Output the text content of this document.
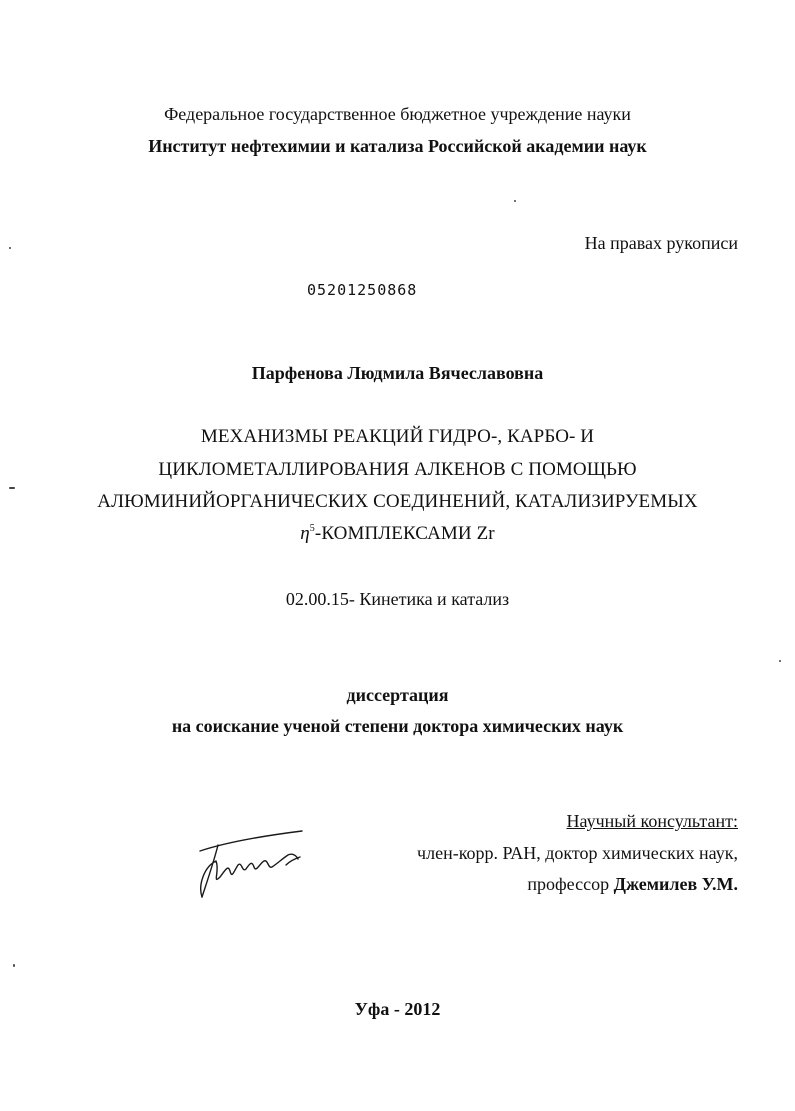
Федеральное государственное бюджетное учреждение науки
Институт нефтехимии и катализа Российской академии наук
На правах рукописи
05201250868
Парфенова Людмила Вячеславовна
МЕХАНИЗМЫ РЕАКЦИЙ ГИДРО-, КАРБО- И
ЦИКЛОМЕТАЛЛИРОВАНИЯ АЛКЕНОВ С ПОМОЩЬЮ
АЛЮМИНИЙОРГАНИЧЕСКИХ СОЕДИНЕНИЙ, КАТАЛИЗИРУЕМЫХ
$\eta^5$-КОМПЛЕКСАМИ Zr
02.00.15- Кинетика и катализ
диссертация
на соискание ученой степени доктора химических наук
Научный консультант:
член-корр. РАН, доктор химических наук,
профессор Джемилев У.М.
Уфа - 2012
